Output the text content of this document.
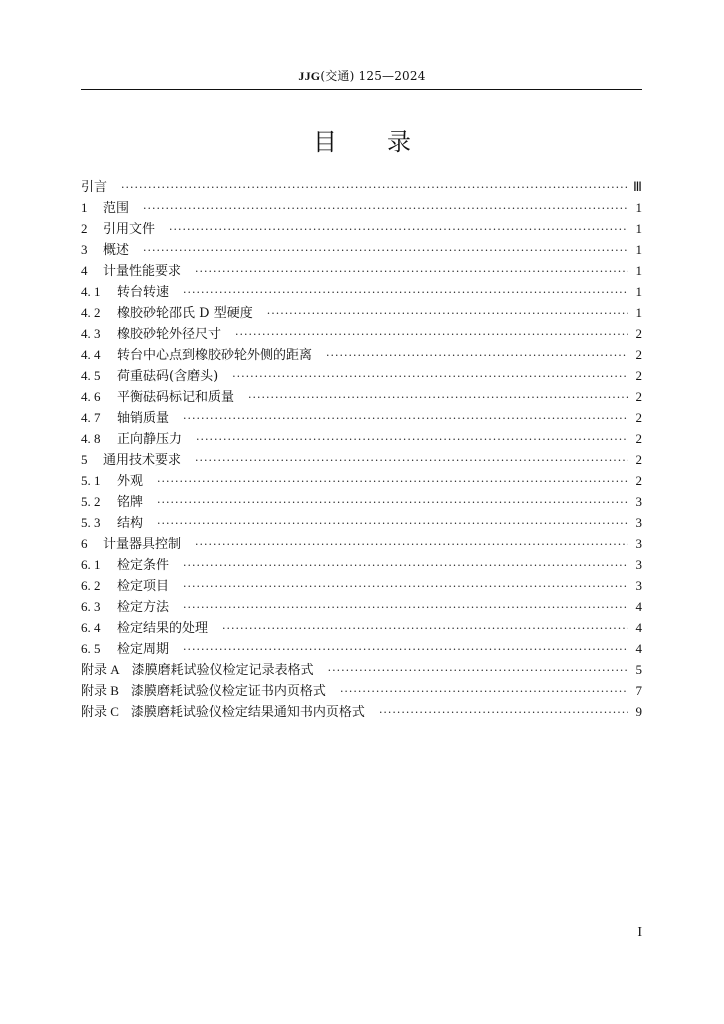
JJG(交通) 125—2024
目录
引言 ·····	Ⅲ
1	范围 ·····	1
2	引用文件 ·····	1
3	概述 ·····	1
4	计量性能要求 ·····	1
4. 1	转台转速 ·····	1
4. 2	橡胶砂轮邵氏 D 型硬度 ·····	1
4. 3	橡胶砂轮外径尺寸 ·····	2
4. 4	转台中心点到橡胶砂轮外侧的距离 ·····	2
4. 5	荷重砝码(含磨头) ·····	2
4. 6	平衡砝码标记和质量 ·····	2
4. 7	轴销质量 ·····	2
4. 8	正向静压力 ·····	2
5	通用技术要求 ·····	2
5. 1	外观 ·····	2
5. 2	铭牌 ·····	3
5. 3	结构 ·····	3
6	计量器具控制 ·····	3
6. 1	检定条件 ·····	3
6. 2	检定项目 ·····	3
6. 3	检定方法 ·····	4
6. 4	检定结果的处理 ·····	4
6. 5	检定周期 ·····	4
附录 A 漆膜磨耗试验仪检定记录表格式 ·····	5
附录 B 漆膜磨耗试验仪检定证书内页格式 ·····	7
附录 C 漆膜磨耗试验仪检定结果通知书内页格式 ·····	9
I
